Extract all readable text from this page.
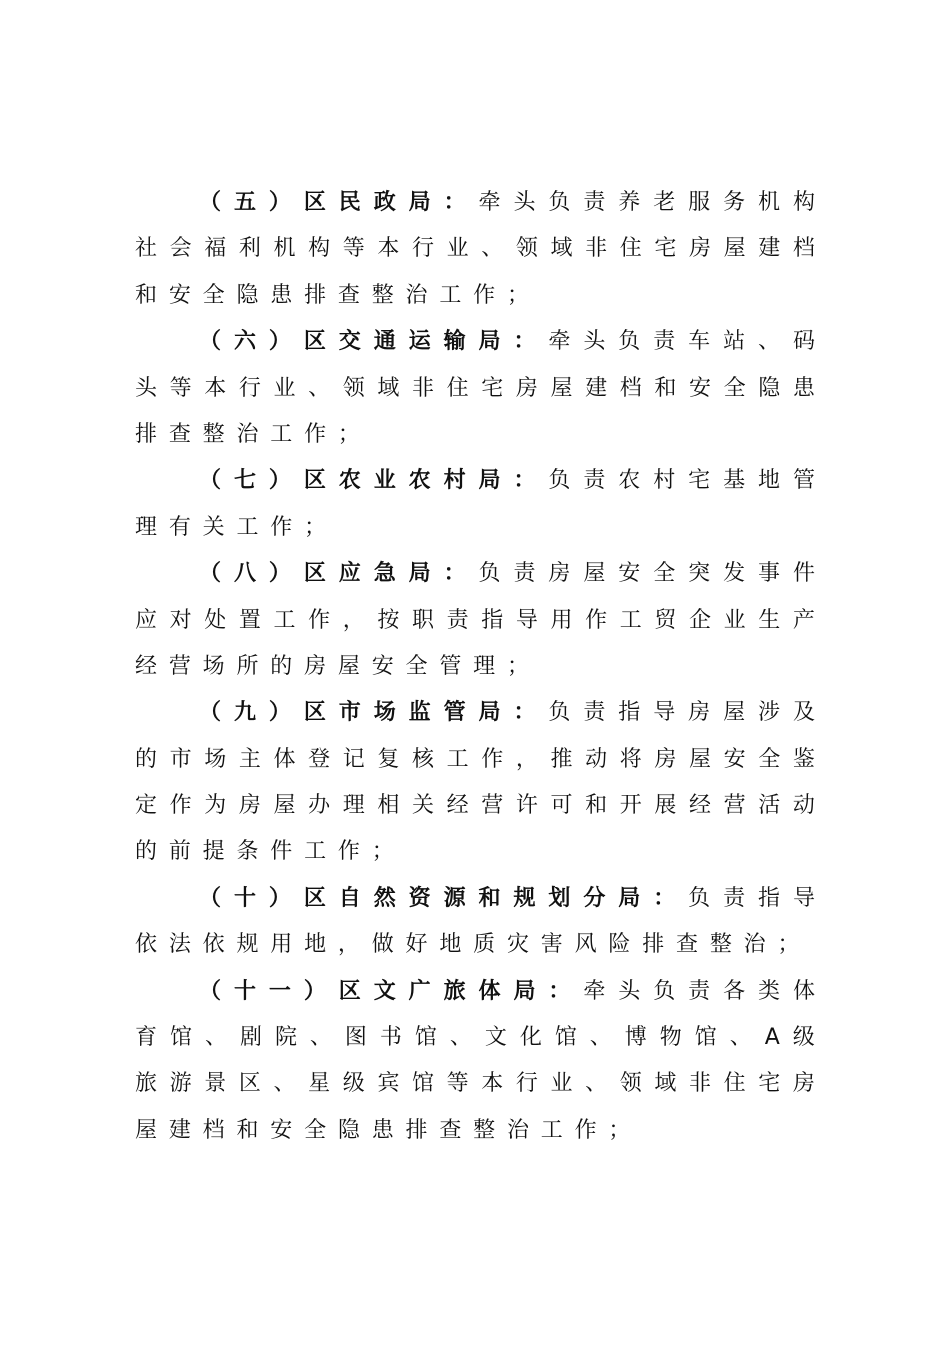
（ 五 ） 区 民 政 局 ： 牵 头 负 责 养 老 服 务 机 构
社 会 福 利 机 构 等 本 行 业 、 领 域 非 住 宅 房 屋 建 档
和 安 全 隐 患 排 查 整 治 工 作 ；
（ 六 ） 区 交 通 运 输 局 ： 牵 头 负 责 车 站 、 码
头 等 本 行 业 、 领 域 非 住 宅 房 屋 建 档 和 安 全 隐 患
排 查 整 治 工 作 ；
（ 七 ） 区 农 业 农 村 局 ： 负 责 农 村 宅 基 地 管
理 有 关 工 作 ；
（ 八 ） 区 应 急 局 ： 负 责 房 屋 安 全 突 发 事 件
应 对 处 置 工 作 ， 按 职 责 指 导 用 作 工 贸 企 业 生 产
经 营 场 所 的 房 屋 安 全 管 理 ；
（ 九 ） 区 市 场 监 管 局 ： 负 责 指 导 房 屋 涉 及
的 市 场 主 体 登 记 复 核 工 作 ， 推 动 将 房 屋 安 全 鉴
定 作 为 房 屋 办 理 相 关 经 营 许 可 和 开 展 经 营 活 动
的 前 提 条 件 工 作 ；
（ 十 ） 区 自 然 资 源 和 规 划 分 局 ： 负 责 指 导
依 法 依 规 用 地 ， 做 好 地 质 灾 害 风 险 排 查 整 治 ；
（ 十 一 ） 区 文 广 旅 体 局 ： 牵 头 负 责 各 类 体
育 馆 、 剧 院 、 图 书 馆 、 文 化 馆 、 博 物 馆 、 A 级
旅 游 景 区 、 星 级 宾 馆 等 本 行 业 、 领 域 非 住 宅 房
屋 建 档 和 安 全 隐 患 排 查 整 治 工 作 ；
